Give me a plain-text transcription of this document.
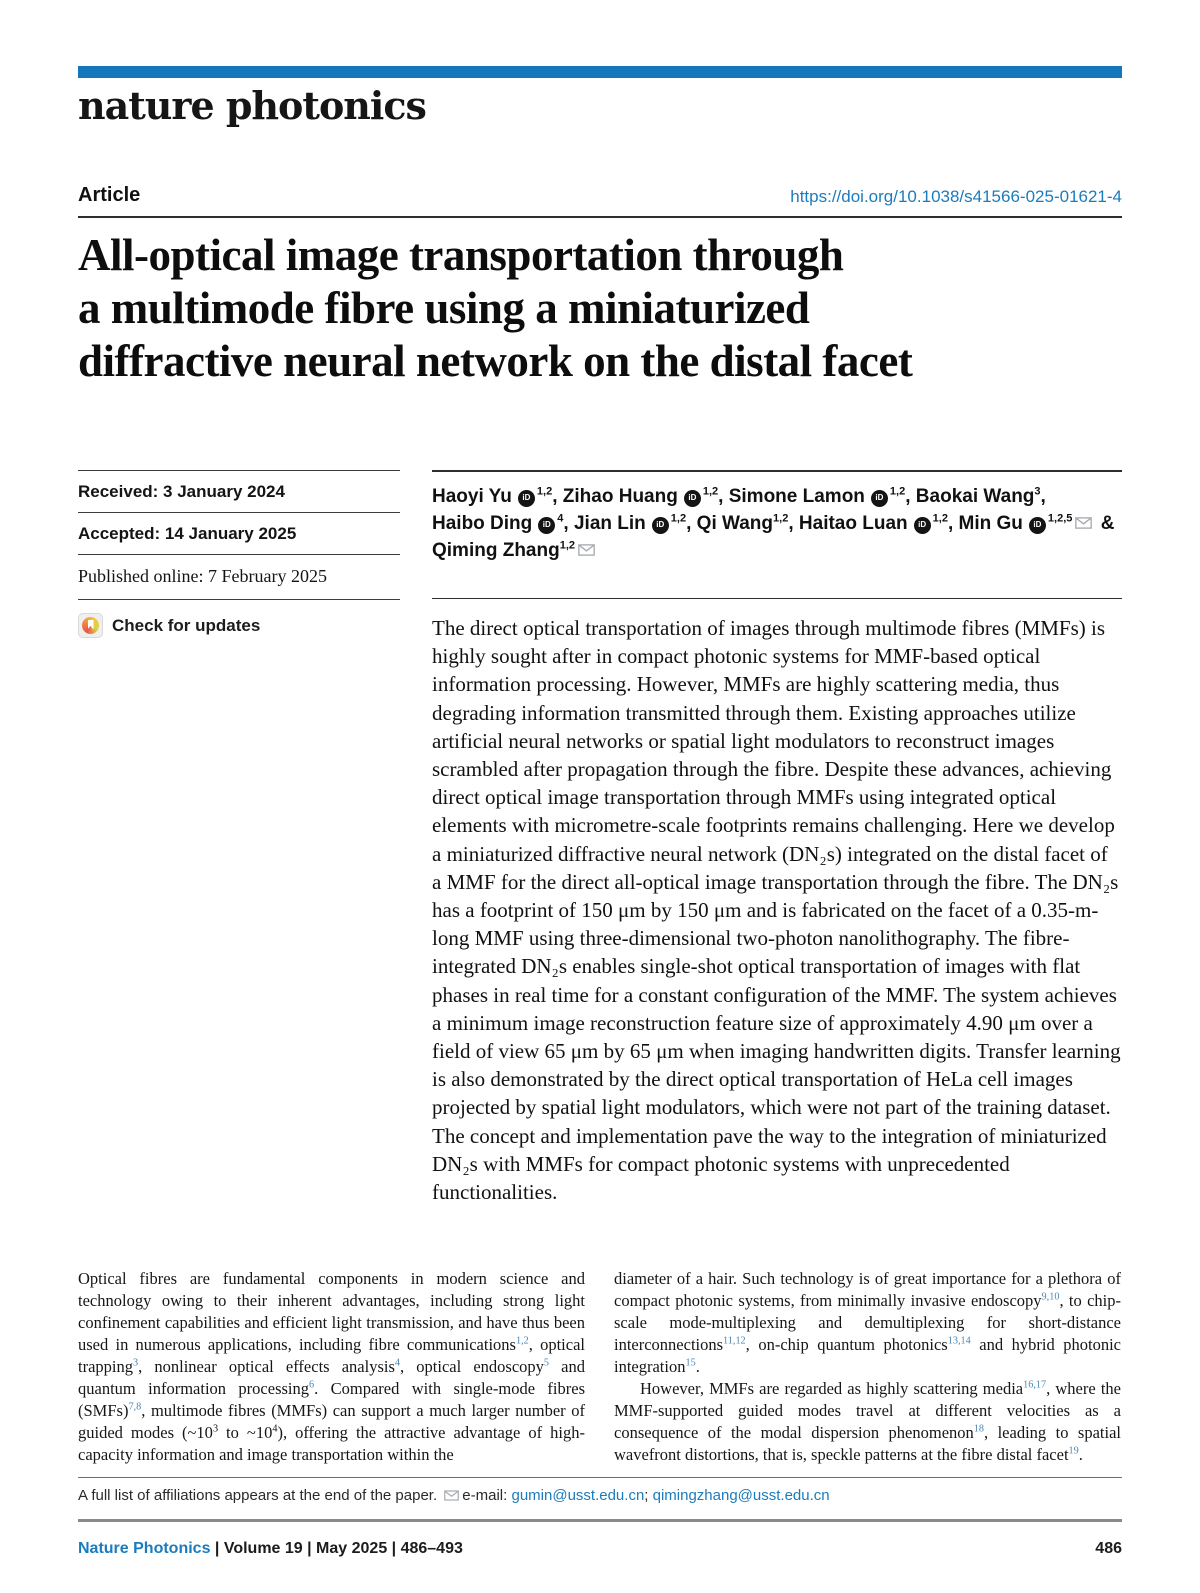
nature photonics
Article	https://doi.org/10.1038/s41566-025-01621-4
All-optical image transportation through
a multimode fibre using a miniaturized
diffractive neural network on the distal facet
Received: 3 January 2024
Accepted: 14 January 2025
Published online: 7 February 2025
Check for updates
Haoyi Yu iD $^{1,2}$, Zihao Huang iD $^{1,2}$, Simone Lamon iD $^{1,2}$, Baokai Wang$^3$,
Haibo Ding iD $^4$, Jian Lin iD $^{1,2}$, Qi Wang$^{1,2}$, Haitao Luan iD $^{1,2}$, Min Gu iD $^{1,2,5}$ &
Qiming Zhang$^{1,2}$
The direct optical transportation of images through multimode fibres (MMFs) is highly sought after in compact photonic systems for MMF-based optical information processing. However, MMFs are highly scattering media, thus degrading information transmitted through them. Existing approaches utilize artificial neural networks or spatial light modulators to reconstruct images scrambled after propagation through the fibre. Despite these advances, achieving direct optical image transportation through MMFs using integrated optical elements with micrometre-scale footprints remains challenging. Here we develop a miniaturized diffractive neural network (DN₂s) integrated on the distal facet of a MMF for the direct all-optical image transportation through the fibre. The DN₂s has a footprint of 150 μm by 150 μm and is fabricated on the facet of a 0.35-m-long MMF using three-dimensional two-photon nanolithography. The fibre-integrated DN₂s enables single-shot optical transportation of images with flat phases in real time for a constant configuration of the MMF. The system achieves a minimum image reconstruction feature size of approximately 4.90 μm over a field of view 65 μm by 65 μm when imaging handwritten digits. Transfer learning is also demonstrated by the direct optical transportation of HeLa cell images projected by spatial light modulators, which were not part of the training dataset. The concept and implementation pave the way to the integration of miniaturized DN₂s with MMFs for compact photonic systems with unprecedented functionalities.

Optical fibres are fundamental components in modern science and technology owing to their inherent advantages, including strong light confinement capabilities and efficient light transmission, and have thus been used in numerous applications, including fibre communications$^{1,2}$, optical trapping$^3$, nonlinear optical effects analysis$^4$, optical endoscopy$^5$ and quantum information processing$^6$. Compared with single-mode fibres (SMFs)$^{7,8}$, multimode fibres (MMFs) can support a much larger number of guided modes ($\sim 10^3$ to $\sim 10^4$), offering the attractive advantage of high-capacity information and image transportation within the

diameter of a hair. Such technology is of great importance for a plethora of compact photonic systems, from minimally invasive endoscopy$^{9,10}$, to chip-scale mode-multiplexing and demultiplexing for short-distance interconnections$^{11,12}$, on-chip quantum photonics$^{13,14}$ and hybrid photonic integration$^{15}$.

However, MMFs are regarded as highly scattering media$^{16,17}$, where the MMF-supported guided modes travel at different velocities as a consequence of the modal dispersion phenomenon$^{18}$, leading to spatial wavefront distortions, that is, speckle patterns at the fibre distal facet$^{19}$.

A full list of affiliations appears at the end of the paper. e-mail: gumin@usst.edu.cn; qimingzhang@usst.edu.cn
Nature Photonics | Volume 19 | May 2025 | 486–493	486
